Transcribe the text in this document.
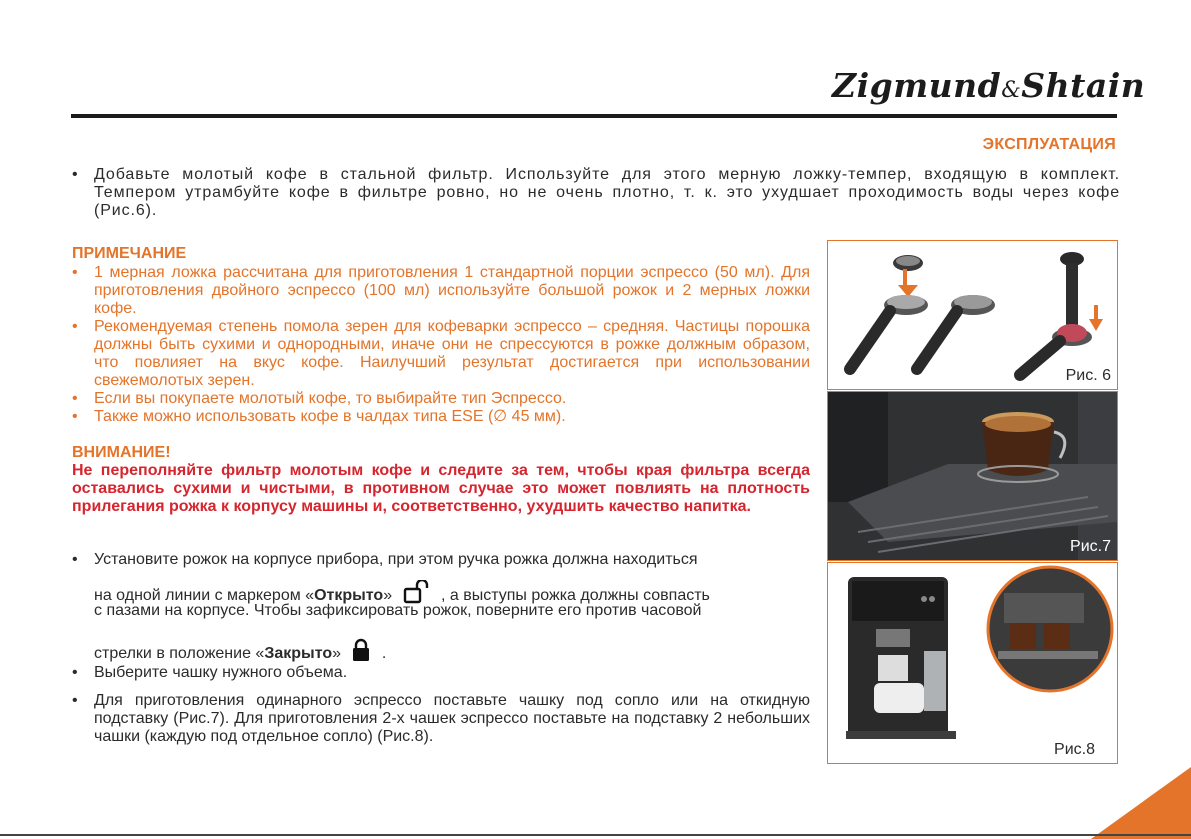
Zigmund&Shtain
ЭКСПЛУАТАЦИЯ
• Добавьте молотый кофе в стальной фильтр. Используйте для этого мерную ложку-темпер, входящую в комплект. Темпером утрамбуйте кофе в фильтре ровно, но не очень плотно, т. к. это ухудшает проходимость воды через кофе (Рис.6).
ПРИМЕЧАНИЕ
• 1 мерная ложка рассчитана для приготовления 1 стандартной порции эспрессо (50 мл). Для приготовления двойного эспрессо (100 мл) используйте большой рожок и 2 мерных ложки кофе.
• Рекомендуемая степень помола зерен для кофеварки эспрессо – средняя. Частицы порошка должны быть сухими и однородными, иначе они не спрессуются в рожке должным образом, что повлияет на вкус кофе. Наилучший результат достигается при использовании свежемолотых зерен.
• Если вы покупаете молотый кофе, то выбирайте тип Эспрессо.
• Также можно использовать кофе в чалдах типа ESE (∅ 45 мм).
ВНИМАНИЕ!
Не переполняйте фильтр молотым кофе и следите за тем, чтобы края фильтра всегда оставались сухими и чистыми, в противном случае это может повлиять на плотность прилегания рожка к корпусу машины и, соответственно, ухудшить качество напитка.
• Установите рожок на корпусе прибора, при этом ручка рожка должна находиться
на одной линии с маркером «Открыто»	, а выступы рожка должны совпасть
с пазами на корпусе. Чтобы зафиксировать рожок, поверните его против часовой
стрелки в положение «Закрыто»	.
• Выберите чашку нужного объема.
• Для приготовления одинарного эспрессо поставьте чашку под сопло или на откидную подставку (Рис.7). Для приготовления 2-х чашек эспрессо поставьте на подставку 2 небольших чашки (каждую под отдельное сопло) (Рис.8).
Рис. 6
Рис.7
Рис.8
